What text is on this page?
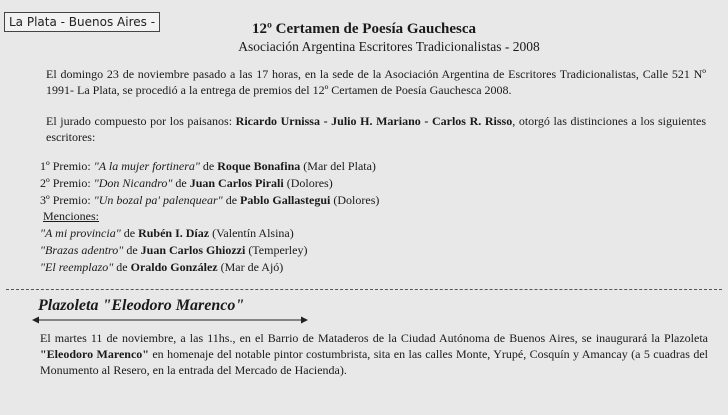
La Plata - Buenos Aires -	12º Certamen de Poesía Gauchesca
Asociación Argentina Escritores Tradicionalistas - 2008
El domingo 23 de noviembre pasado a las 17 horas, en la sede de la Asociación Argentina de Escritores Tradicionalistas, Calle 521 Nº 1991- La Plata, se procedió a la entrega de premios del 12º Certamen de Poesía Gauchesca 2008.
El jurado compuesto por los paisanos: Ricardo Urnissa - Julio H. Mariano - Carlos R. Risso, otorgó las distinciones a los siguientes escritores:
1º Premio: "A la mujer fortinera" de Roque Bonafina (Mar del Plata)
2º Premio: "Don Nicandro" de Juan Carlos Pirali (Dolores)
3º Premio: "Un bozal pa' palenquear" de Pablo Gallastegui (Dolores)
Menciones:
"A mi provincia" de Rubén I. Díaz (Valentín Alsina)
"Brazas adentro" de Juan Carlos Ghiozzi (Temperley)
"El reemplazo" de Oraldo González (Mar de Ajó)
Plazoleta "Eleodoro Marenco"
El martes 11 de noviembre, a las 11hs., en el Barrio de Mataderos de la Ciudad Autónoma de Buenos Aires, se inaugurará la Plazoleta "Eleodoro Marenco" en homenaje del notable pintor costumbrista, sita en las calles Monte, Yrupé, Cosquín y Amancay (a 5 cuadras del Monumento al Resero, en la entrada del Mercado de Hacienda).
